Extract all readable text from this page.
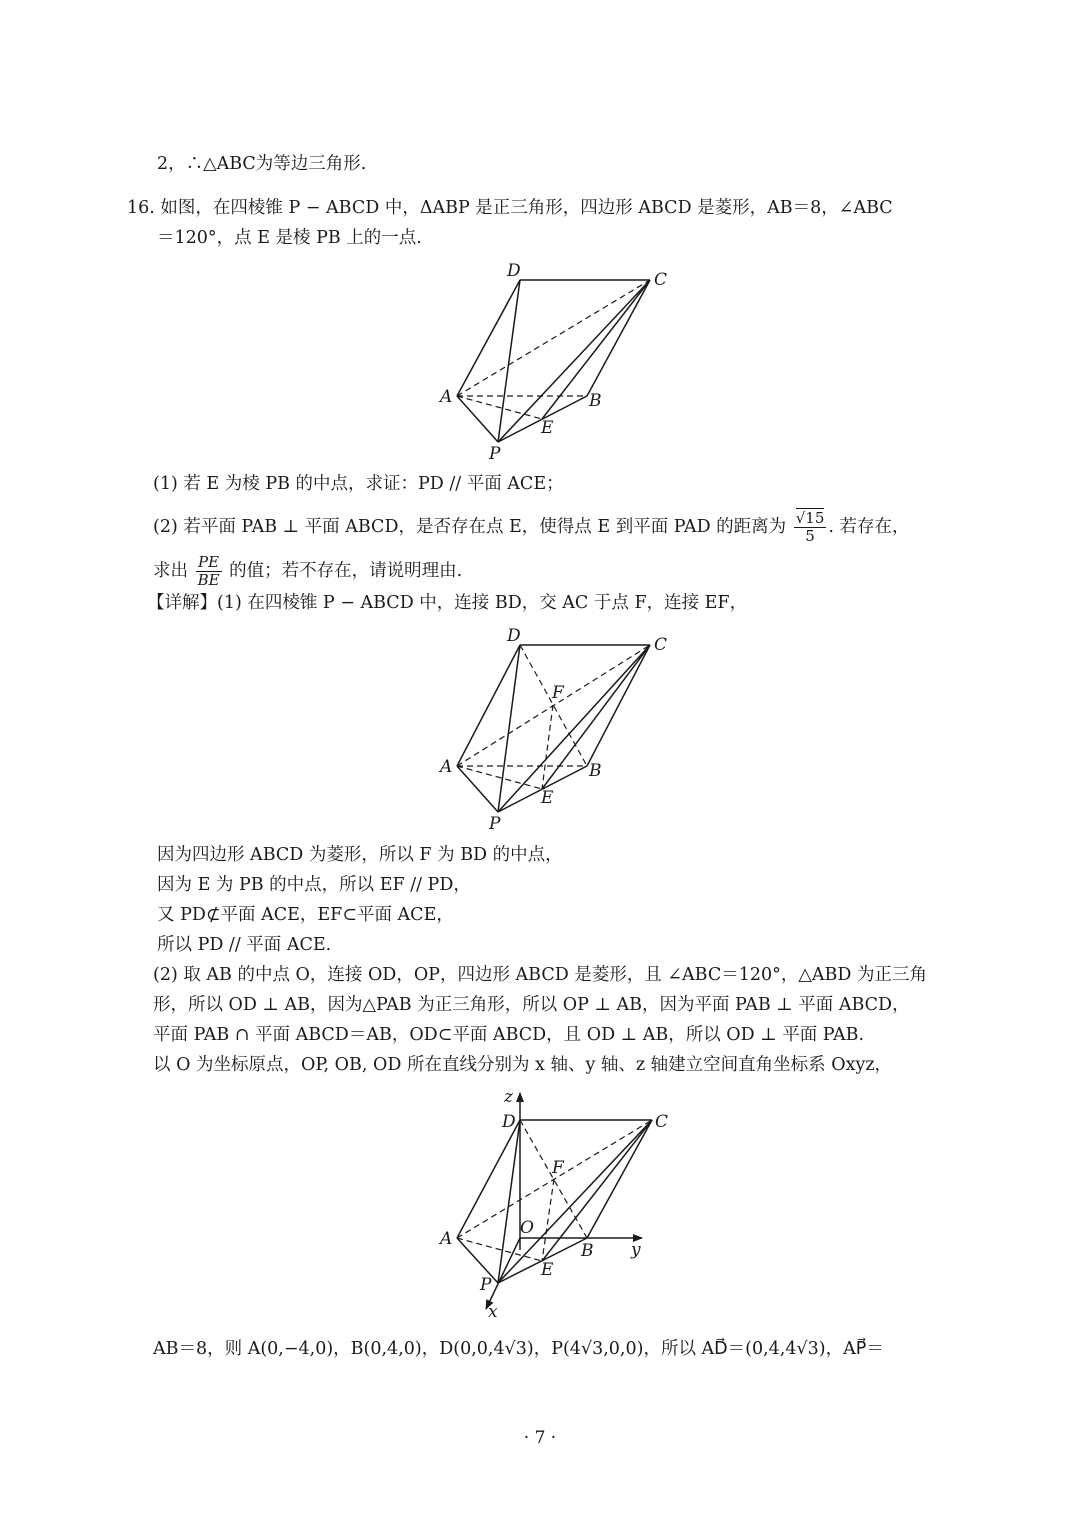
2，∴△ABC为等边三角形.
16. 如图，在四棱锥 P − ABCD 中，ΔABP 是正三角形，四边形 ABCD 是菱形，AB＝8，∠ABC
＝120°，点 E 是棱 PB 上的一点.
D	C
A	B
E
P
(1) 若 E 为棱 PB 的中点，求证：PD // 平面 ACE；
(2) 若平面 PAB ⊥ 平面 ABCD，是否存在点 E，使得点 E 到平面 PAD 的距离为 $\frac{√15}{5}$ . 若存在，
求出 $\frac{PE}{BE}$ 的值；若不存在，请说明理由.
【详解】(1) 在四棱锥 P − ABCD 中，连接 BD，交 AC 于点 F，连接 EF，
D	C
F
A	B
E
P
因为四边形 ABCD 为菱形，所以 F 为 BD 的中点，
因为 E 为 PB 的中点，所以 EF // PD，
又 PD⊄平面 ACE，EF⊂平面 ACE，
所以 PD // 平面 ACE.
(2) 取 AB 的中点 O，连接 OD，OP，四边形 ABCD 是菱形，且 ∠ABC＝120°，△ABD 为正三角
形，所以 OD ⊥ AB，因为△PAB 为正三角形，所以 OP ⊥ AB，因为平面 PAB ⊥ 平面 ABCD，
平面 PAB ∩ 平面 ABCD＝AB，OD⊂平面 ABCD，且 OD ⊥ AB，所以 OD ⊥ 平面 PAB.
以 O 为坐标原点，OP, OB, OD 所在直线分别为 x 轴、y 轴、z 轴建立空间直角坐标系 Oxyz，
z
D	C
F
O
A
B y
E
P
x
AB＝8，则 A(0,−4,0)，B(0,4,0)，D(0,0,4√3)，P(4√3,0,0)，所以 AD⃗＝(0,4,4√3)，AP⃗＝
· 7 ·
